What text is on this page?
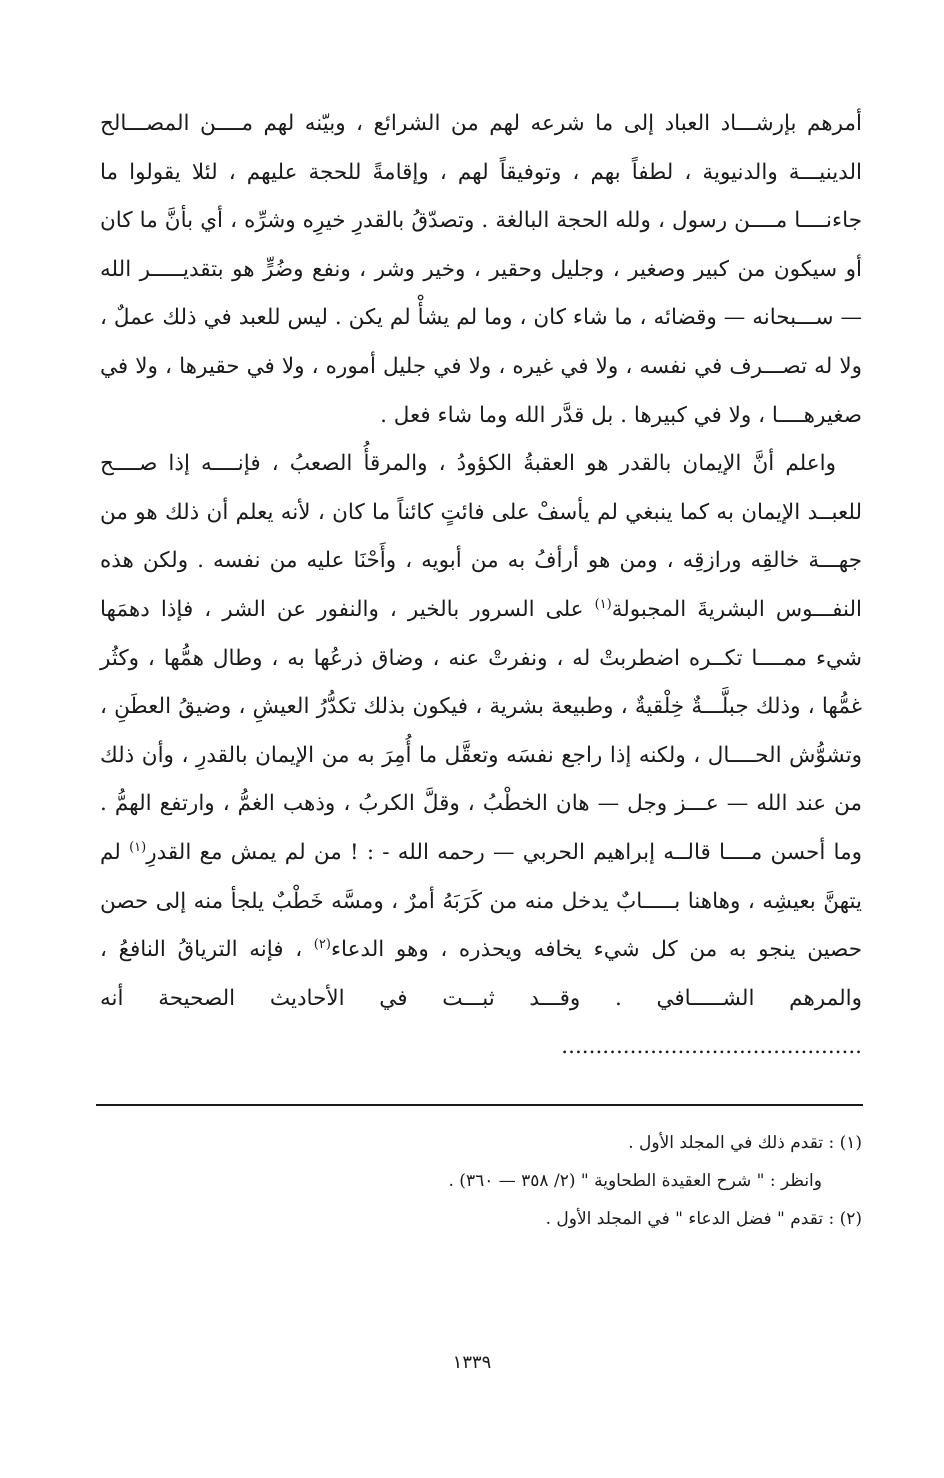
أمرهم بإرشـــاد العباد إلى ما شرعه لهم من الشرائع ، وبيّنه لهم مــــن المصـــالح الدينيـــة والدنيوية ، لطفاً بهم ، وتوفيقاً لهم ، وإقامةً للحجة عليهم ، لئلا يقولوا ما جاءنــــا مــــن رسول ، ولله الحجة البالغة . وتصدّقُ بالقدرِ خيرِه وشرِّه ، أي بأنَّ ما كان أو سيكون من كبير وصغير ، وجليل وحقير ، وخير وشر ، ونفع وضُرٍّ هو بتقديـــــر الله — ســـبحانه — وقضائه ، ما شاء كان ، وما لم يشأْ لم يكن . ليس للعبد في ذلك عملٌ ، ولا له تصـــرف في نفسه ، ولا في غيره ، ولا في جليل أموره ، ولا في حقيرها ، ولا في صغيرهــــا ، ولا في كبيرها . بل قدَّر الله وما شاء فعل .

واعلم أنَّ الإيمان بالقدر هو العقبةُ الكؤودُ ، والمرقأُ الصعبُ ، فإنــــه إذا صــــح للعبــد الإيمان به كما ينبغي لم يأسفْ على فائتٍ كائناً ما كان ، لأنه يعلم أن ذلك هو من جهـــة خالقِه ورازقِه ، ومن هو أرأفُ به من أبويه ، وأَحْنَا عليه من نفسه . ولكن هذه النفـــوس البشريةَ المجبولة$^{(١)}$ على السرور بالخير ، والنفور عن الشر ، فإذا دهمَها شيء ممــــا تكــره اضطربتْ له ، ونفرتْ عنه ، وضاق ذرعُها به ، وطال همُّها ، وكثُر غمُّها ، وذلك جبلَّـــةٌ خِلْقيةٌ ، وطبيعة بشرية ، فيكون بذلك تكدُّرُ العيشِ ، وضيقُ العطَنِ ، وتشوُّش الحــــال ، ولكنه إذا راجع نفسَه وتعقَّل ما أُمِرَ به من الإيمان بالقدرِ ، وأن ذلك من عند الله — عـــز وجل — هان الخطْبُ ، وقلَّ الكربُ ، وذهب الغمُّ ، وارتفع الهمُّ . وما أحسن مــــا قالــه إبراهيم الحربي — رحمه الله - : ! من لم يمش مع القدرِ$^{(١)}$ لم يتهنَّ بعيشِه ، وهاهنا بـــــابٌ يدخل منه من كَرَبَهُ أمرٌ ، ومسَّه خَطْبٌ يلجأ منه إلى حصن حصين ينجو به من كل شيء يخافه ويحذره ، وهو الدعاء$^{(٢)}$ ، فإنه الترياقُ النافعُ ، والمرهم الشـــــافي . وقـــد ثبـــت في الأحاديث الصحيحة أنه ............................................

(١) : تقدم ذلك في المجلد الأول .

وانظر : " شرح العقيدة الطحاوية " (٢/ ٣٥٨ — ٣٦٠) .

(٢) : تقدم " فضل الدعاء " في المجلد الأول .

١٣٣٩
